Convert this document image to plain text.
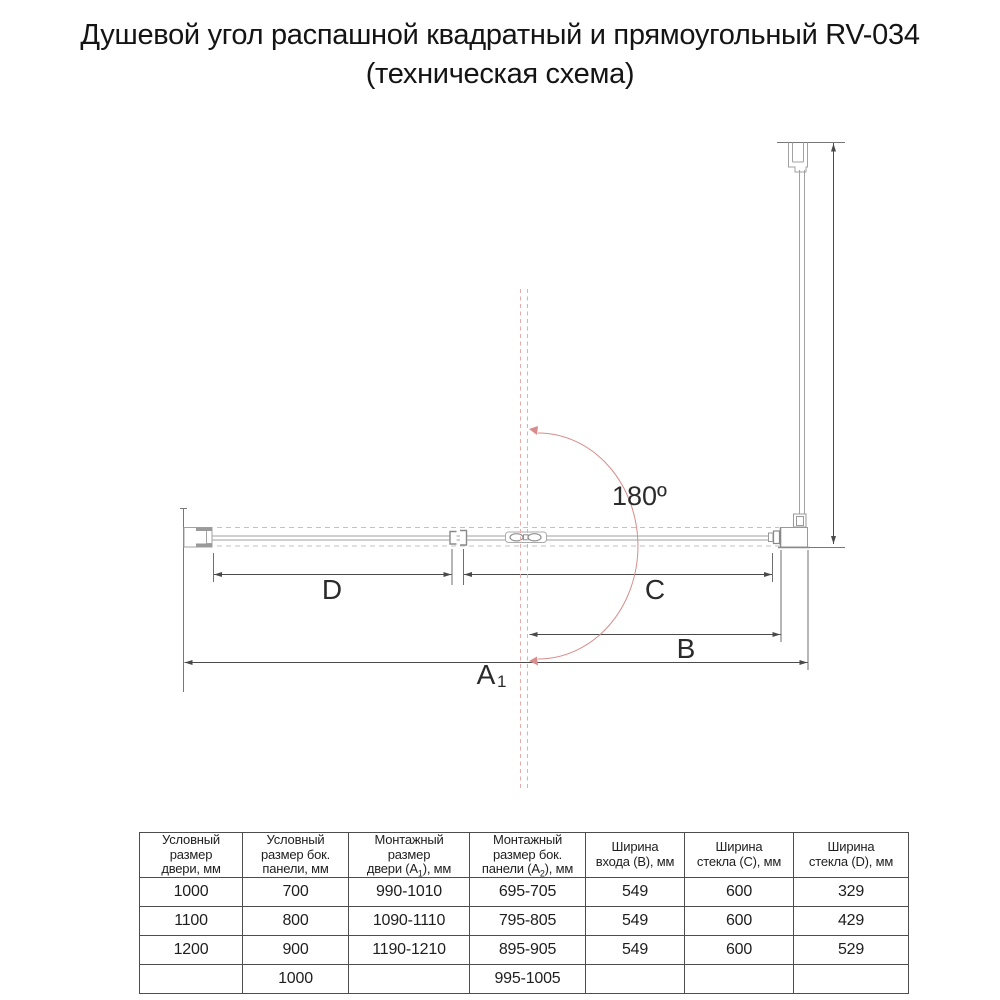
Душевой угол распашной квадратный и прямоугольный RV-034
(техническая схема)
180º
D	C
B
A 1
Условный
размер
двери, мм	Условный
размер бок.
панели, мм	Монтажный
размер
двери $(A_1)$, мм	Монтажный
размер бок.
панели $(A_2)$, мм	Ширина
входа (B), мм	Ширина
стекла (C), мм	Ширина
стекла (D), мм
1000	700	990-1010	695-705	549	600	329
1100	800	1090-1110	795-805	549	600	429
1200	900	1190-1210	895-905	549	600	529
	1000		995-1005			
